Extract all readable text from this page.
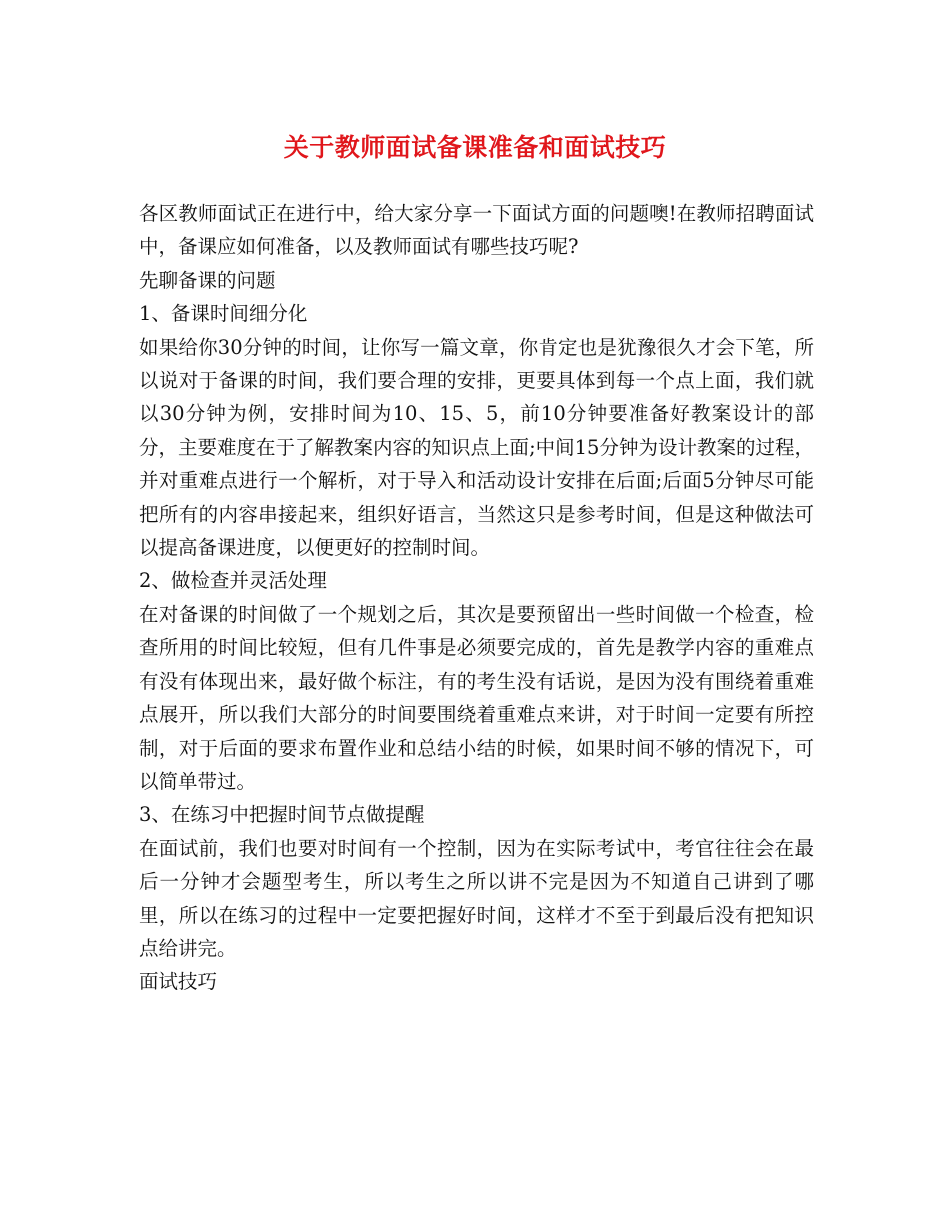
关于教师面试备课准备和面试技巧

各区教师面试正在进行中，给大家分享一下面试方面的问题噢!在教师招聘面试中，备课应如何准备，以及教师面试有哪些技巧呢?

先聊备课的问题

1、备课时间细分化

如果给你30分钟的时间，让你写一篇文章，你肯定也是犹豫很久才会下笔，所以说对于备课的时间，我们要合理的安排，更要具体到每一个点上面，我们就以30分钟为例，安排时间为10、15、5，前10分钟要准备好教案设计的部分，主要难度在于了解教案内容的知识点上面;中间15分钟为设计教案的过程，并对重难点进行一个解析，对于导入和活动设计安排在后面;后面5分钟尽可能把所有的内容串接起来，组织好语言，当然这只是参考时间，但是这种做法可以提高备课进度，以便更好的控制时间。

2、做检查并灵活处理

在对备课的时间做了一个规划之后，其次是要预留出一些时间做一个检查，检查所用的时间比较短，但有几件事是必须要完成的，首先是教学内容的重难点有没有体现出来，最好做个标注，有的考生没有话说，是因为没有围绕着重难点展开，所以我们大部分的时间要围绕着重难点来讲，对于时间一定要有所控制，对于后面的要求布置作业和总结小结的时候，如果时间不够的情况下，可以简单带过。

3、在练习中把握时间节点做提醒

在面试前，我们也要对时间有一个控制，因为在实际考试中，考官往往会在最后一分钟才会题型考生，所以考生之所以讲不完是因为不知道自己讲到了哪里，所以在练习的过程中一定要把握好时间，这样才不至于到最后没有把知识点给讲完。

面试技巧
